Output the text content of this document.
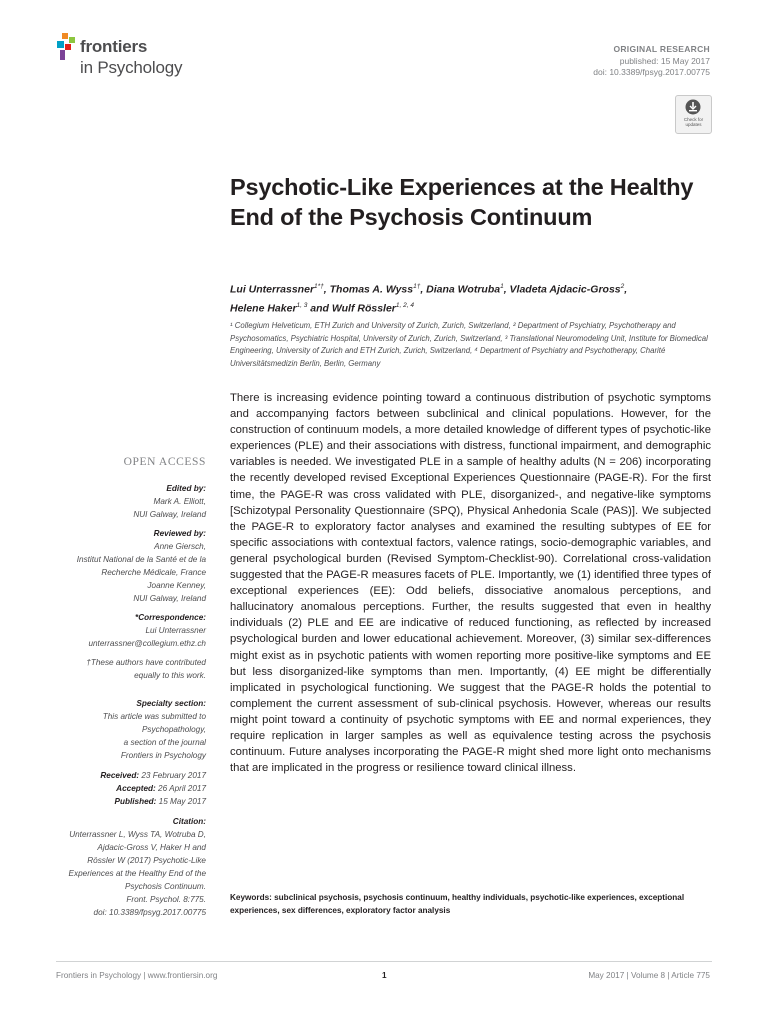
frontiers
in Psychology
ORIGINAL RESEARCH
published: 15 May 2017
doi: 10.3389/fpsyg.2017.00775
Check for
updates
Psychotic-Like Experiences at the Healthy End of the Psychosis Continuum
Lui Unterrassner$^{1*\dagger}$, Thomas A. Wyss$^{1\dagger}$, Diana Wotruba$^1$, Vladeta Ajdacic-Gross$^2$,
Helene Haker$^{1, 3}$ and Wulf Rössler$^{1, 2, 4}$
¹ Collegium Helveticum, ETH Zurich and University of Zurich, Zurich, Switzerland, ² Department of Psychiatry, Psychotherapy and Psychosomatics, Psychiatric Hospital, University of Zurich, Zurich, Switzerland, ³ Translational Neuromodeling Unit, Institute for Biomedical Engineering, University of Zurich and ETH Zurich, Zurich, Switzerland, ⁴ Department of Psychiatry and Psychotherapy, Charité Universitätsmedizin Berlin, Berlin, Germany
There is increasing evidence pointing toward a continuous distribution of psychotic symptoms and accompanying factors between subclinical and clinical populations. However, for the construction of continuum models, a more detailed knowledge of different types of psychotic-like experiences (PLE) and their associations with distress, functional impairment, and demographic variables is needed. We investigated PLE in a sample of healthy adults (N = 206) incorporating the recently developed revised Exceptional Experiences Questionnaire (PAGE-R). For the first time, the PAGE-R was cross validated with PLE, disorganized-, and negative-like symptoms [Schizotypal Personality Questionnaire (SPQ), Physical Anhedonia Scale (PAS)]. We subjected the PAGE-R to exploratory factor analyses and examined the resulting subtypes of EE for specific associations with contextual factors, valence ratings, socio-demographic variables, and general psychological burden (Revised Symptom-Checklist-90). Correlational cross-validation suggested that the PAGE-R measures facets of PLE. Importantly, we (1) identified three types of exceptional experiences (EE): Odd beliefs, dissociative anomalous perceptions, and hallucinatory anomalous perceptions. Further, the results suggested that even in healthy individuals (2) PLE and EE are indicative of reduced functioning, as reflected by increased psychological burden and lower educational achievement. Moreover, (3) similar sex-differences might exist as in psychotic patients with women reporting more positive-like symptoms and EE but less disorganized-like symptoms than men. Importantly, (4) EE might be differentially implicated in psychological functioning. We suggest that the PAGE-R holds the potential to complement the current assessment of sub-clinical psychosis. However, whereas our results might point toward a continuity of psychotic symptoms with EE and normal experiences, they require replication in larger samples as well as equivalence testing across the psychosis continuum. Future analyses incorporating the PAGE-R might shed more light onto mechanisms that are implicated in the progress or resilience toward clinical illness.
Keywords: subclinical psychosis, psychosis continuum, healthy individuals, psychotic-like experiences, exceptional experiences, sex differences, exploratory factor analysis
OPEN ACCESS
Edited by:
Mark A. Elliott,
NUI Galway, Ireland
Reviewed by:
Anne Giersch,
Institut National de la Santé et de la
Recherche Médicale, France
Joanne Kenney,
NUI Galway, Ireland
*Correspondence:
Lui Unterrassner
unterrassner@collegium.ethz.ch
†These authors have contributed
equally to this work.
Specialty section:
This article was submitted to
Psychopathology,
a section of the journal
Frontiers in Psychology
Received: 23 February 2017
Accepted: 26 April 2017
Published: 15 May 2017
Citation:
Unterrassner L, Wyss TA, Wotruba D,
Ajdacic-Gross V, Haker H and
Rössler W (2017) Psychotic-Like
Experiences at the Healthy End of the
Psychosis Continuum.
Front. Psychol. 8:775.
doi: 10.3389/fpsyg.2017.00775
Frontiers in Psychology | www.frontiersin.org	1	May 2017 | Volume 8 | Article 775
